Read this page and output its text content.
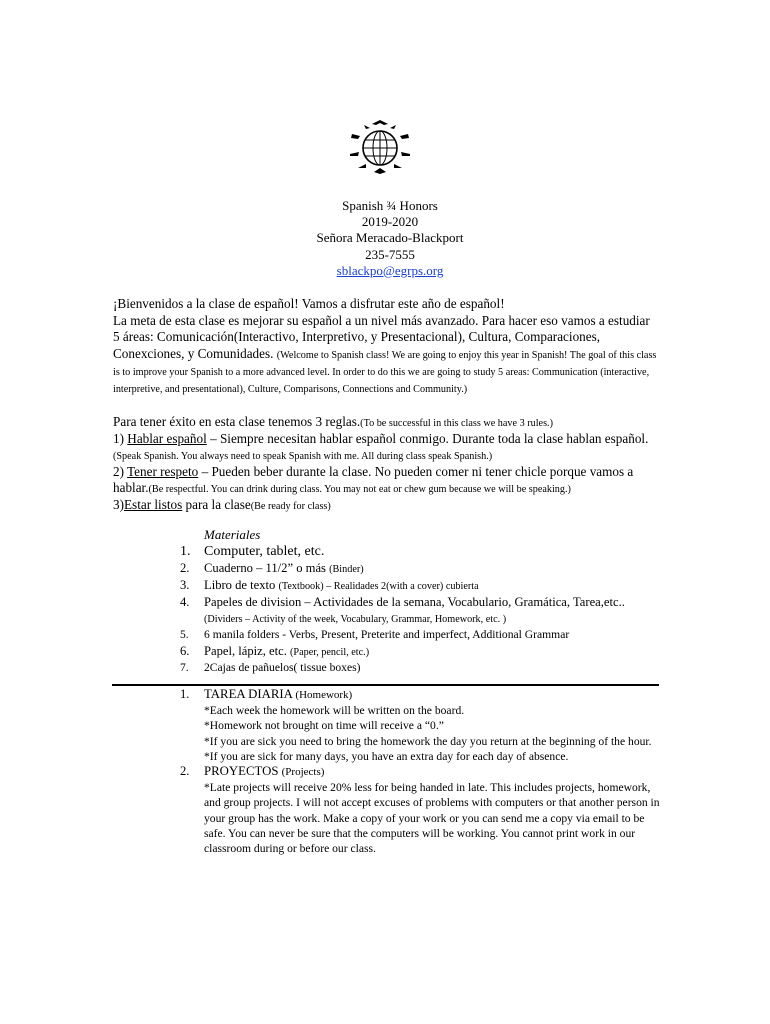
Spanish ¾ Honors
2019-2020
Señora Meracado-Blackport
235-7555
sblackpo@egrps.org
¡Bienvenidos a la clase de español! Vamos a disfrutar este año de español!
La meta de esta clase es mejorar su español a un nivel más avanzado. Para hacer eso vamos a estudiar 5 áreas: Comunicación(Interactivo, Interpretivo, y Presentacional), Cultura, Comparaciones, Conexciones, y Comunidades. (Welcome to Spanish class! We are going to enjoy this year in Spanish! The goal of this class is to improve your Spanish to a more advanced level. In order to do this we are going to study 5 areas: Communication (interactive, interpretive, and presentational), Culture, Comparisons, Connections and Community.)
Para tener éxito en esta clase tenemos 3 reglas.(To be successful in this class we have 3 rules.)
1) Hablar español – Siempre necesitan hablar español conmigo. Durante toda la clase hablan español.(Speak Spanish. You always need to speak Spanish with me. All during class speak Spanish.)
2) Tener respeto – Pueden beber durante la clase. No pueden comer ni tener chicle porque vamos a hablar.(Be respectful. You can drink during class. You may not eat or chew gum because we will be speaking.)
3)Estar listos para la clase(Be ready for class)
Materiales
1. Computer, tablet, etc.
2. Cuaderno – 11/2” o más (Binder)
3. Libro de texto (Textbook) – Realidades 2(with a cover) cubierta
4. Papeles de division – Actividades de la semana, Vocabulario, Gramática, Tarea,etc..(Dividers – Activity of the week, Vocabulary, Grammar, Homework, etc. )
5. 6 manila folders - Verbs, Present, Preterite and imperfect, Additional Grammar
6. Papel, lápiz, etc. (Paper, pencil, etc.)
7. 2Cajas de pañuelos( tissue boxes)
1. TAREA DIARIA (Homework)
*Each week the homework will be written on the board.
*Homework not brought on time will receive a “0.”
*If you are sick you need to bring the homework the day you return at the beginning of the hour.
*If you are sick for many days, you have an extra day for each day of absence.
2. PROYECTOS (Projects)
*Late projects will receive 20% less for being handed in late. This includes projects, homework, and group projects. I will not accept excuses of problems with computers or that another person in your group has the work. Make a copy of your work or you can send me a copy via email to be safe. You can never be sure that the computers will be working. You cannot print work in our classroom during or before our class.
